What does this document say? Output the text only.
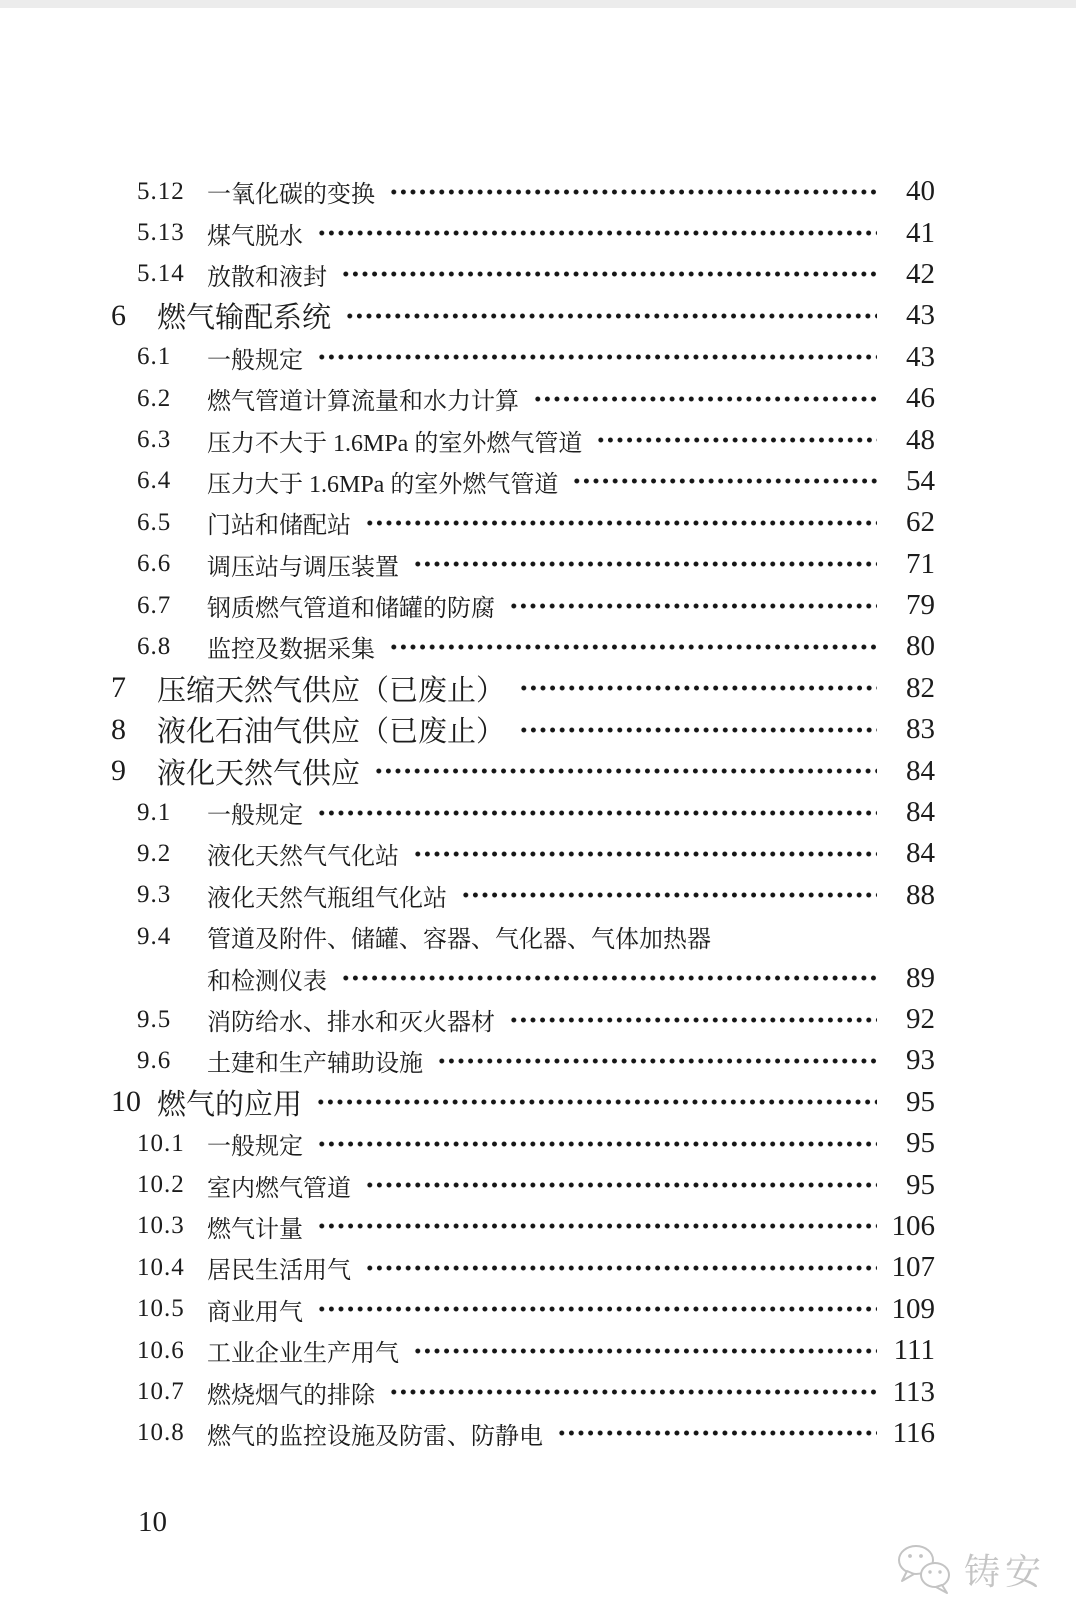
5.12 一氧化碳的变换	40
5.13 煤气脱水	41
5.14 放散和液封	42
6	燃气输配系统	43
6.1	一般规定	43
6.2	燃气管道计算流量和水力计算	46
6.3	压力不大于 1.6MPa 的室外燃气管道	48
6.4	压力大于 1.6MPa 的室外燃气管道	54
6.5	门站和储配站	62
6.6	调压站与调压装置	71
6.7	钢质燃气管道和储罐的防腐	79
6.8	监控及数据采集	80
7	压缩天然气供应（已废止）	82
8	液化石油气供应（已废止）	83
9	液化天然气供应	84
9.1	一般规定	84
9.2	液化天然气气化站	84
9.3	液化天然气瓶组气化站	88
9.4	管道及附件、储罐、容器、气化器、气体加热器
和检测仪表	89
9.5	消防给水、排水和灭火器材	92
9.6	土建和生产辅助设施	93
10 燃气的应用	95
10.1 一般规定	95
10.2 室内燃气管道	95
10.3 燃气计量	106
10.4 居民生活用气	107
10.5 商业用气	109
10.6 工业企业生产用气	111
10.7 燃烧烟气的排除	113
10.8 燃气的监控设施及防雷、防静电	116
10
铸安
